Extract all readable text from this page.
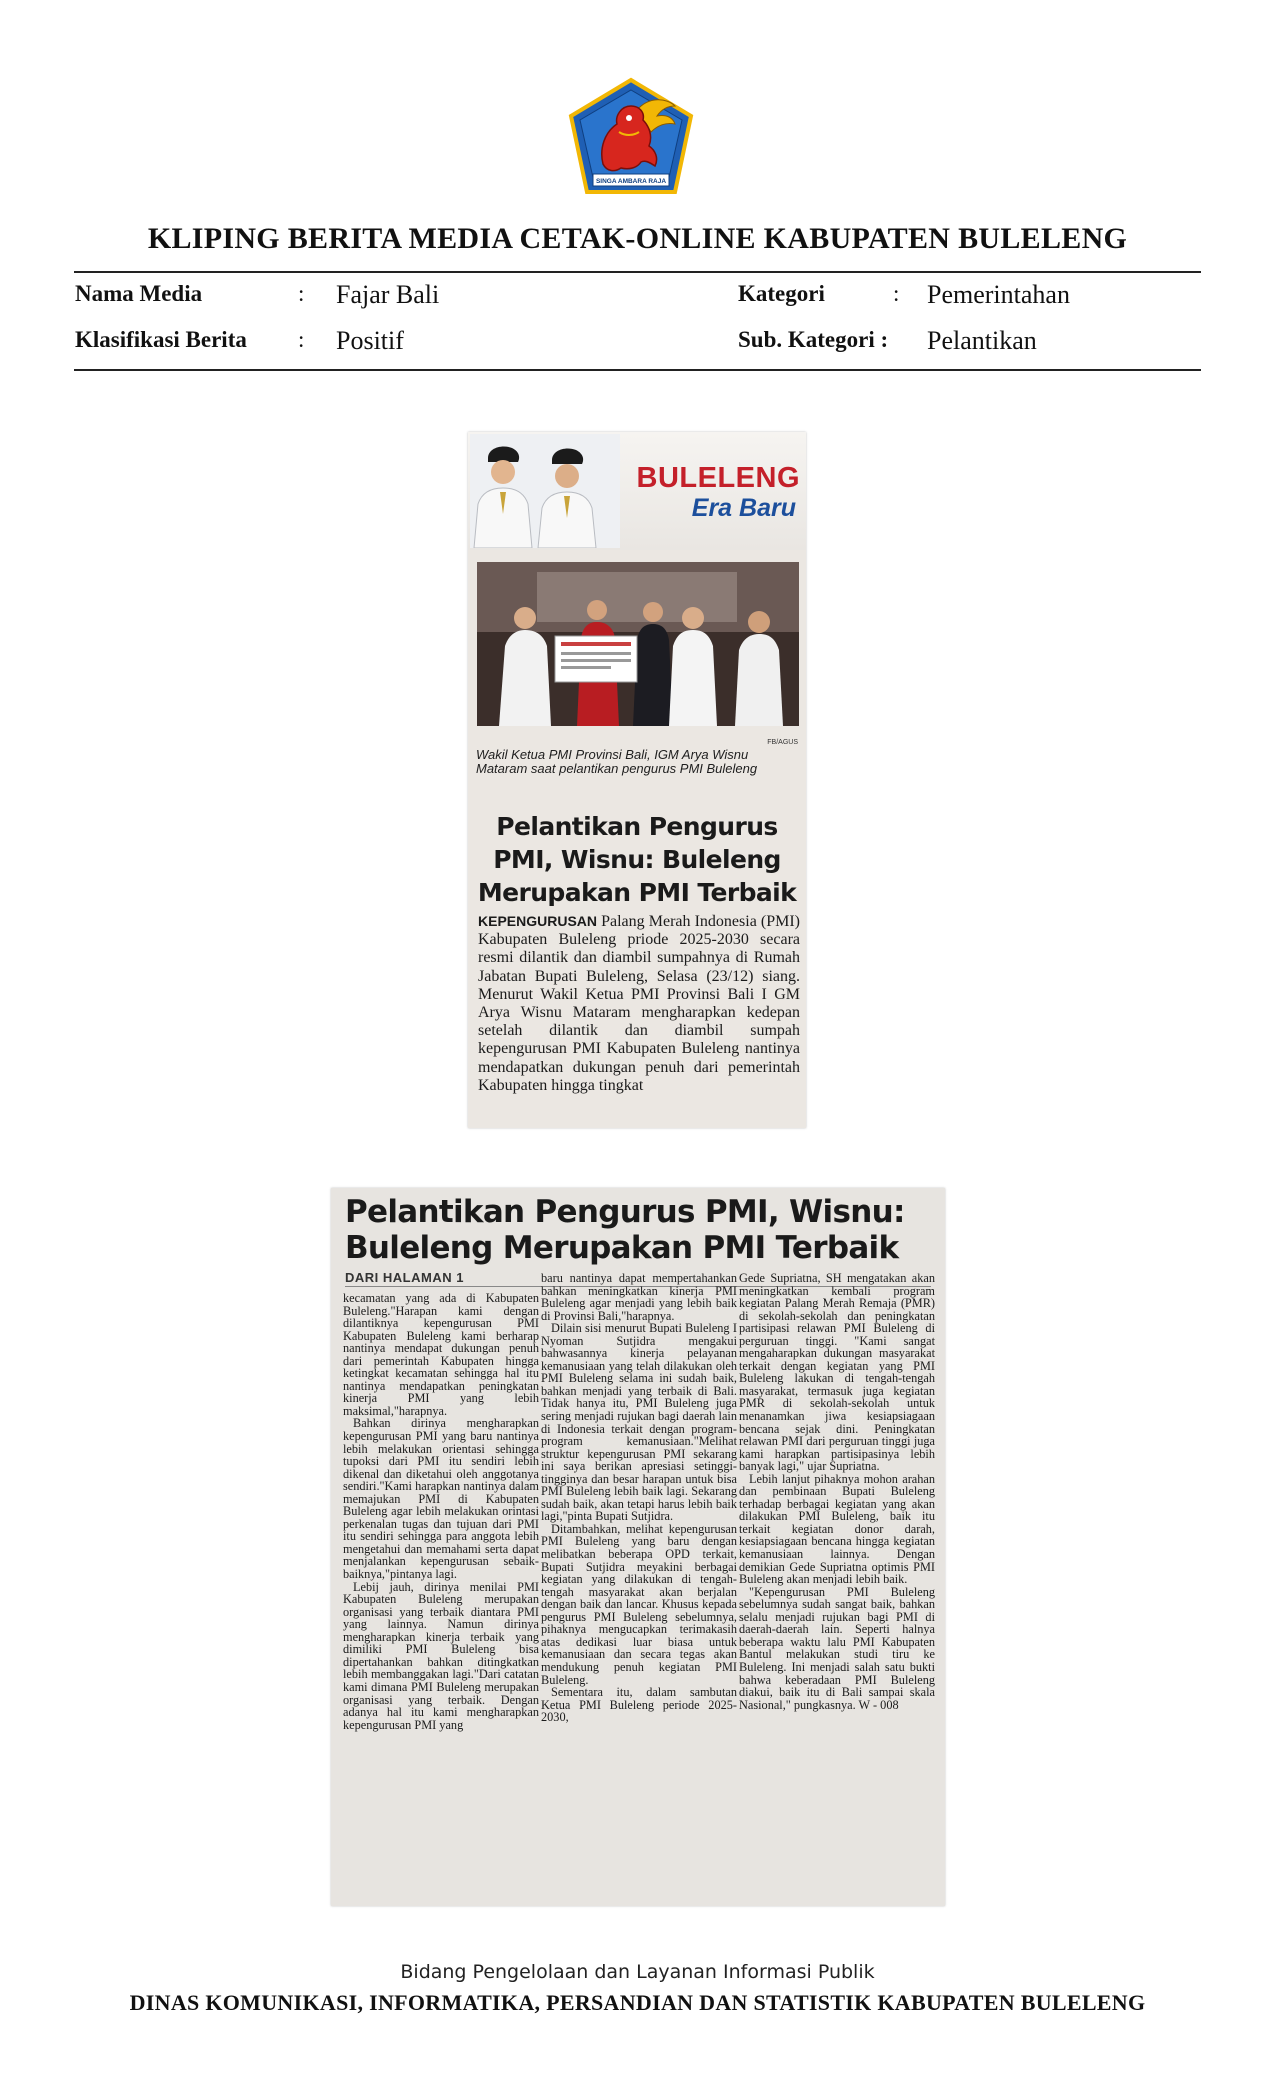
SINGA AMBARA RAJA
KLIPING BERITA MEDIA CETAK-ONLINE KABUPATEN BULELENG
Nama Media	: Fajar Bali	Kategori	: Pemerintahan
Klasifikasi Berita : Positif	Sub. Kategori : Pelantikan
BULELENG
Era Baru
FB/AGUS
Wakil Ketua PMI Provinsi Bali, IGM Arya Wisnu Mataram saat pelantikan pengurus PMI Buleleng
Pelantikan Pengurus PMI, Wisnu: Buleleng Merupakan PMI Terbaik
KEPENGURUSAN Palang Merah Indonesia (PMI) Kabupaten Buleleng priode 2025-2030 secara resmi dilantik dan diambil sumpahnya di Rumah Jabatan Bupati Buleleng, Selasa (23/12) siang. Menurut Wakil Ketua PMI Provinsi Bali I GM Arya Wisnu Mataram mengharapkan kedepan setelah dilantik dan diambil sumpah kepengurusan PMI Kabupaten Buleleng nantinya mendapatkan dukungan penuh dari pemerintah Kabupaten hingga tingkat
Pelantikan Pengurus PMI, Wisnu:
Buleleng Merupakan PMI Terbaik
DARI HALAMAN 1

kecamatan yang ada di Kabupaten Buleleng."Harapan kami dengan dilantiknya kepengurusan PMI Kabupaten Buleleng kami berharap nantinya mendapat dukungan penuh dari pemerintah Kabupaten hingga ketingkat kecamatan sehingga hal itu nantinya mendapatkan peningkatan kinerja PMI yang lebih maksimal,"harapnya.

Bahkan dirinya mengharapkan kepengurusan PMI yang baru nantinya lebih melakukan orientasi sehingga tupoksi dari PMI itu sendiri lebih dikenal dan diketahui oleh anggotanya sendiri."Kami harapkan nantinya dalam memajukan PMI di Kabupaten Buleleng agar lebih melakukan orintasi perkenalan tugas dan tujuan dari PMI itu sendiri sehingga para anggota lebih mengetahui dan memahami serta dapat menjalankan kepengurusan sebaik-baiknya,"pintanya lagi.

Lebij jauh, dirinya menilai PMI Kabupaten Buleleng merupakan organisasi yang terbaik diantara PMI yang lainnya. Namun dirinya mengharapkan kinerja terbaik yang dimiliki PMI Buleleng bisa dipertahankan bahkan ditingkatkan lebih membanggakan lagi."Dari catatan kami dimana PMI Buleleng merupakan organisasi yang terbaik. Dengan adanya hal itu kami mengharapkan kepengurusan PMI yang

baru nantinya dapat mempertahankan bahkan meningkatkan kinerja PMI Buleleng agar menjadi yang lebih baik di Provinsi Bali,"harapnya.

Dilain sisi menurut Bupati Buleleng I Nyoman Sutjidra mengakui bahwasannya kinerja pelayanan kemanusiaan yang telah dilakukan oleh PMI Buleleng selama ini sudah baik, bahkan menjadi yang terbaik di Bali. Tidak hanya itu, PMI Buleleng juga sering menjadi rujukan bagi daerah lain di Indonesia terkait dengan program-program kemanusiaan."Melihat struktur kepengurusan PMI sekarang ini saya berikan apresiasi setinggi-tingginya dan besar harapan untuk bisa PMI Buleleng lebih baik lagi. Sekarang sudah baik, akan tetapi harus lebih baik lagi,"pinta Bupati Sutjidra.

Ditambahkan, melihat kepengurusan PMI Buleleng yang baru dengan melibatkan beberapa OPD terkait, Bupati Sutjidra meyakini berbagai kegiatan yang dilakukan di tengah-tengah masyarakat akan berjalan dengan baik dan lancar. Khusus kepada pengurus PMI Buleleng sebelumnya, pihaknya mengucapkan terimakasih atas dedikasi luar biasa untuk kemanusiaan dan secara tegas akan mendukung penuh kegiatan PMI Buleleng.

Sementara itu, dalam sambutan Ketua PMI Buleleng periode 2025-2030,

Gede Supriatna, SH mengatakan akan meningkatkan kembali program kegiatan Palang Merah Remaja (PMR) di sekolah-sekolah dan peningkatan partisipasi relawan PMI Buleleng di perguruan tinggi. "Kami sangat mengaharapkan dukungan masyarakat terkait dengan kegiatan yang PMI Buleleng lakukan di tengah-tengah masyarakat, termasuk juga kegiatan PMR di sekolah-sekolah untuk menanamkan jiwa kesiapsiagaan bencana sejak dini. Peningkatan relawan PMI dari perguruan tinggi juga kami harapkan partisipasinya lebih banyak lagi," ujar Supriatna.

Lebih lanjut pihaknya mohon arahan dan pembinaan Bupati Buleleng terhadap berbagai kegiatan yang akan dilakukan PMI Buleleng, baik itu terkait kegiatan donor darah, kesiapsiagaan bencana hingga kegiatan kemanusiaan lainnya. Dengan demikian Gede Supriatna optimis PMI Buleleng akan menjadi lebih baik.

"Kepengurusan PMI Buleleng sebelumnya sudah sangat baik, bahkan selalu menjadi rujukan bagi PMI di daerah-daerah lain. Seperti halnya beberapa waktu lalu PMI Kabupaten Bantul melakukan studi tiru ke Buleleng. Ini menjadi salah satu bukti bahwa keberadaan PMI Buleleng diakui, baik itu di Bali sampai skala Nasional," pungkasnya. W - 008

Bidang Pengelolaan dan Layanan Informasi Publik
DINAS KOMUNIKASI, INFORMATIKA, PERSANDIAN DAN STATISTIK KABUPATEN BULELENG
